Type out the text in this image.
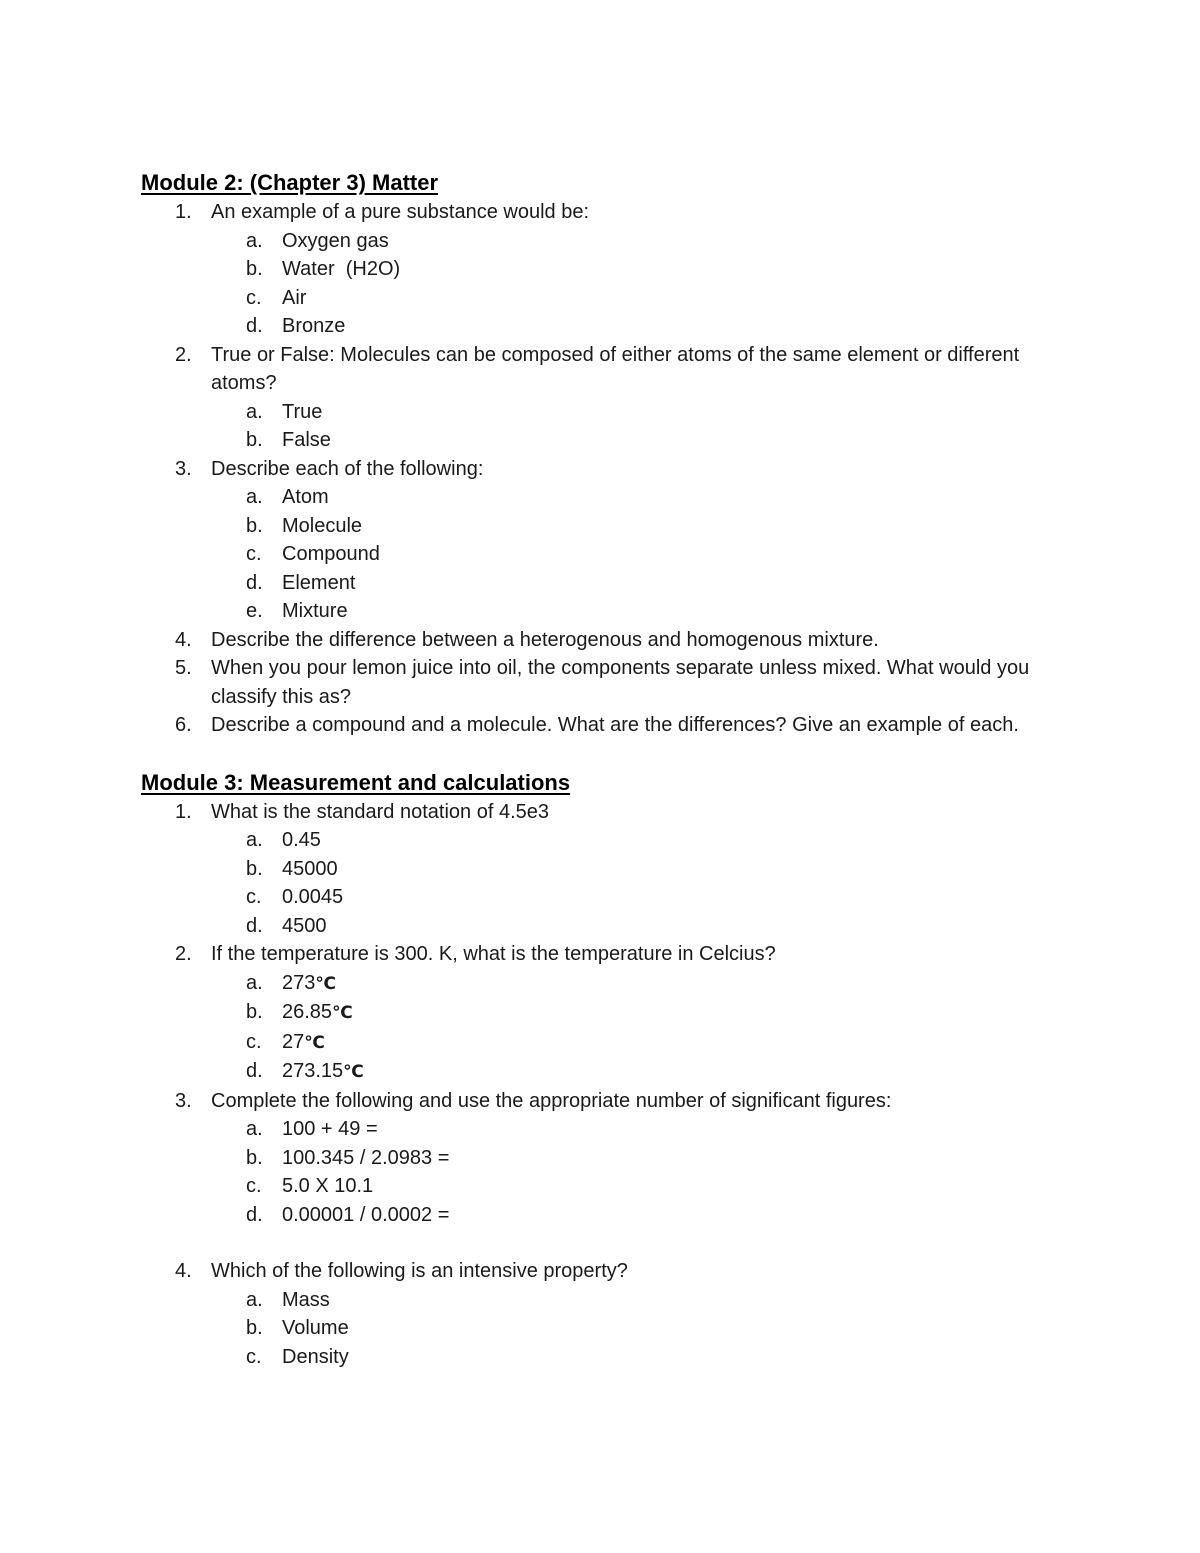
Module 2: (Chapter 3) Matter
1. An example of a pure substance would be:
a. Oxygen gas
b. Water  (H2O)
c. Air
d. Bronze
2. True or False: Molecules can be composed of either atoms of the same element or different atoms?
a. True
b. False
3. Describe each of the following:
a. Atom
b. Molecule
c. Compound
d. Element
e. Mixture
4. Describe the difference between a heterogenous and homogenous mixture.
5. When you pour lemon juice into oil, the components separate unless mixed. What would you classify this as?
6. Describe a compound and a molecule. What are the differences? Give an example of each.
Module 3: Measurement and calculations
1. What is the standard notation of 4.5e3
a. 0.45
b. 45000
c. 0.0045
d. 4500
2. If the temperature is 300. K, what is the temperature in Celcius?
a. 273℃
b. 26.85℃
c. 27℃
d. 273.15℃
3. Complete the following and use the appropriate number of significant figures:
a. 100 + 49 =
b. 100.345 / 2.0983 =
c. 5.0 X 10.1
d. 0.00001 / 0.0002 =
4. Which of the following is an intensive property?
a. Mass
b. Volume
c. Density
